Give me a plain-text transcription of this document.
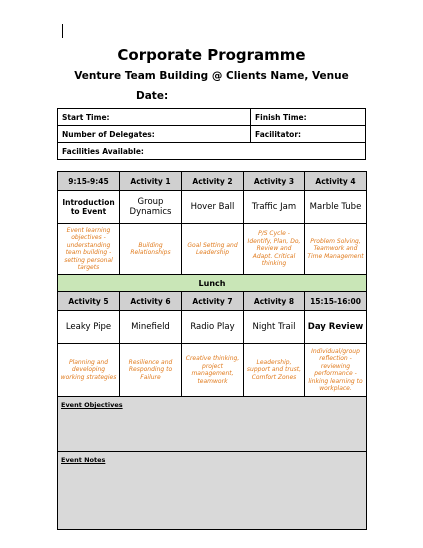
Corporate Programme
Venture Team Building @ Clients Name, Venue
Date:
Start Time:	Finish Time:
Number of Delegates:	Facilitator:
Facilities Available:	
9:15-9:45	Activity 1	Activity 2	Activity 3	Activity 4
Introduction to Event	Group Dynamics	Hover Ball	Traffic Jam	Marble Tube
Event learning objectives - understanding team building - setting personal targets	Building Relationships	Goal Setting and Leadership	P/S Cycle - Identify, Plan, Do, Review and Adapt. Critical thinking	Problem Solving, Teamwork and Time Management
Lunch				
Activity 5	Activity 6	Activity 7	Activity 8	15:15-16:00
Leaky Pipe	Minefield	Radio Play	Night Trail	Day Review
Planning and developing working strategies	Resilience and Responding to Failure	Creative thinking, project management, teamwork	Leadership, support and trust, Comfort Zones	Individual/group reflection - reviewing performance - linking learning to workplace.
Event Objectives				
Event Notes				
